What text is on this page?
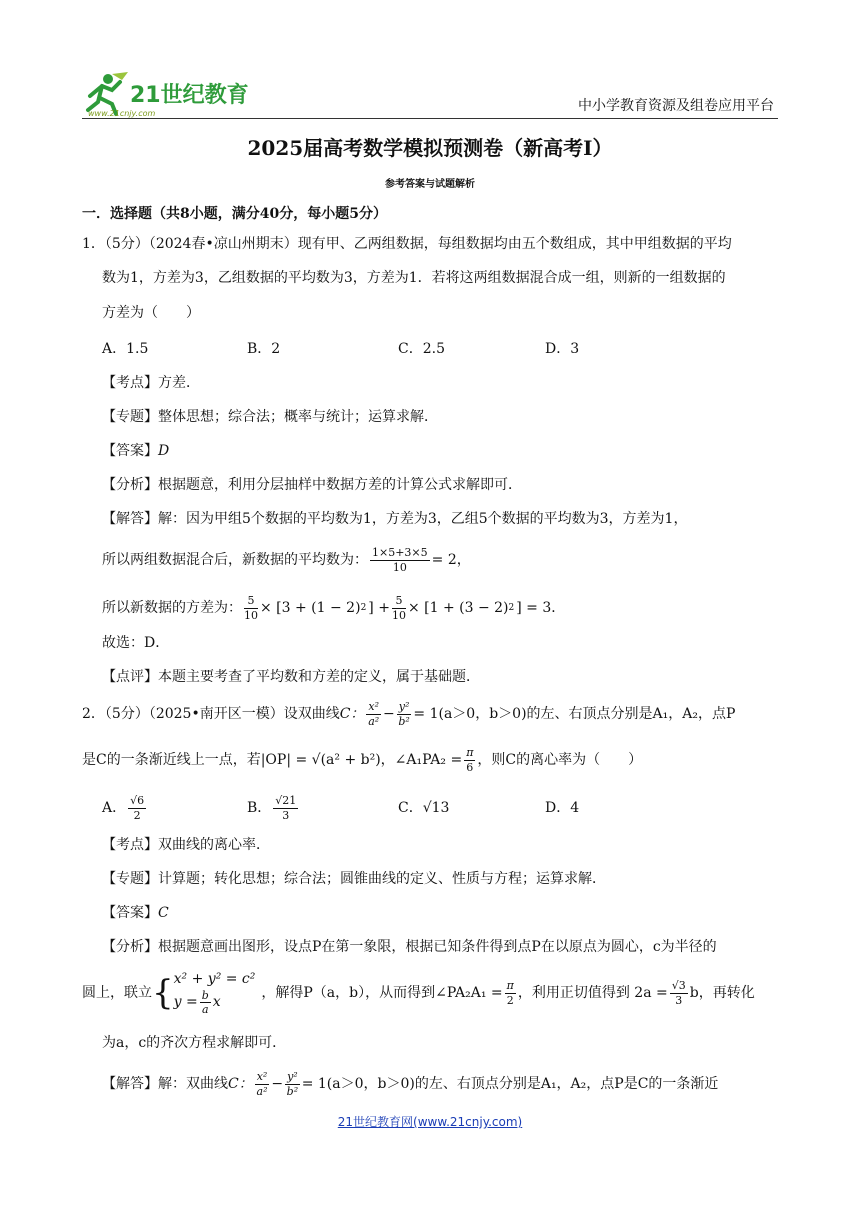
21世纪教育
www.21cnjy.com	中小学教育资源及组卷应用平台
2025届高考数学模拟预测卷（新高考Ⅰ）
参考答案与试题解析
一．选择题（共8小题，满分40分，每小题5分）
1．（5分）（2024春•凉山州期末）现有甲、乙两组数据，每组数据均由五个数组成，其中甲组数据的平均
数为1，方差为3，乙组数据的平均数为3，方差为1．若将这两组数据混合成一组，则新的一组数据的
方差为（　　）
A．1.5	B．2	C．2.5	D．3
【考点】方差．
【专题】整体思想；综合法；概率与统计；运算求解．
【答案】D
【分析】根据题意，利用分层抽样中数据方差的计算公式求解即可．
【解答】解：因为甲组5个数据的平均数为1，方差为3，乙组5个数据的平均数为3，方差为1，
所以两组数据混合后，新数据的平均数为： $\frac{1\times 5+3\times 5}{10} = 2$，
所以新数据的方差为： $\frac{5}{10} \times [3 + (1 - 2)$ 2 ] + $\frac{5}{10} \times [1 + (3 - 2)$ 2 ] = 3．
故选：D．
【点评】本题主要考查了平均数和方差的定义，属于基础题．
2．（5分）（2025•南开区一模）设双曲线 C： $\frac{\text{x²}}{\text{a²}} - \frac{\text{y²}}{\text{b²}} = 1(a>0$，b＞0)的左、右顶点分别是A₁，A₂，点P
是C的一条渐近线上一点，若|OP| = √(a² + b²)，∠A₁PA₂ = $\frac{\pi}{6}$ ，则C的离心率为（　　）
A． $\frac{√6}{2}$	B． $\frac{√21}{3}$	C．√13	D．4
【考点】双曲线的离心率．
【专题】计算题；转化思想；综合法；圆锥曲线的定义、性质与方程；运算求解．
【答案】C
【分析】根据题意画出图形，设点P在第一象限，根据已知条件得到点P在以原点为圆心，c为半径的
圆上，联立 { x² + y² = c²
$y = \frac{b}{a}$ x
，解得P（a，b），从而得到∠PA₂A₁ = $\frac{\pi}{2}$ ，利用正切值得到 $2a = \frac{√3}{3}$ b，再转化
为a，c的齐次方程求解即可．
【解答】解：双曲线 C： $\frac{\text{x²}}{\text{a²}} - \frac{\text{y²}}{\text{b²}} = 1(a>0$，b＞0)的左、右顶点分别是A₁，A₂，点P是C的一条渐近
21世纪教育网(www.21cnjy.com)
